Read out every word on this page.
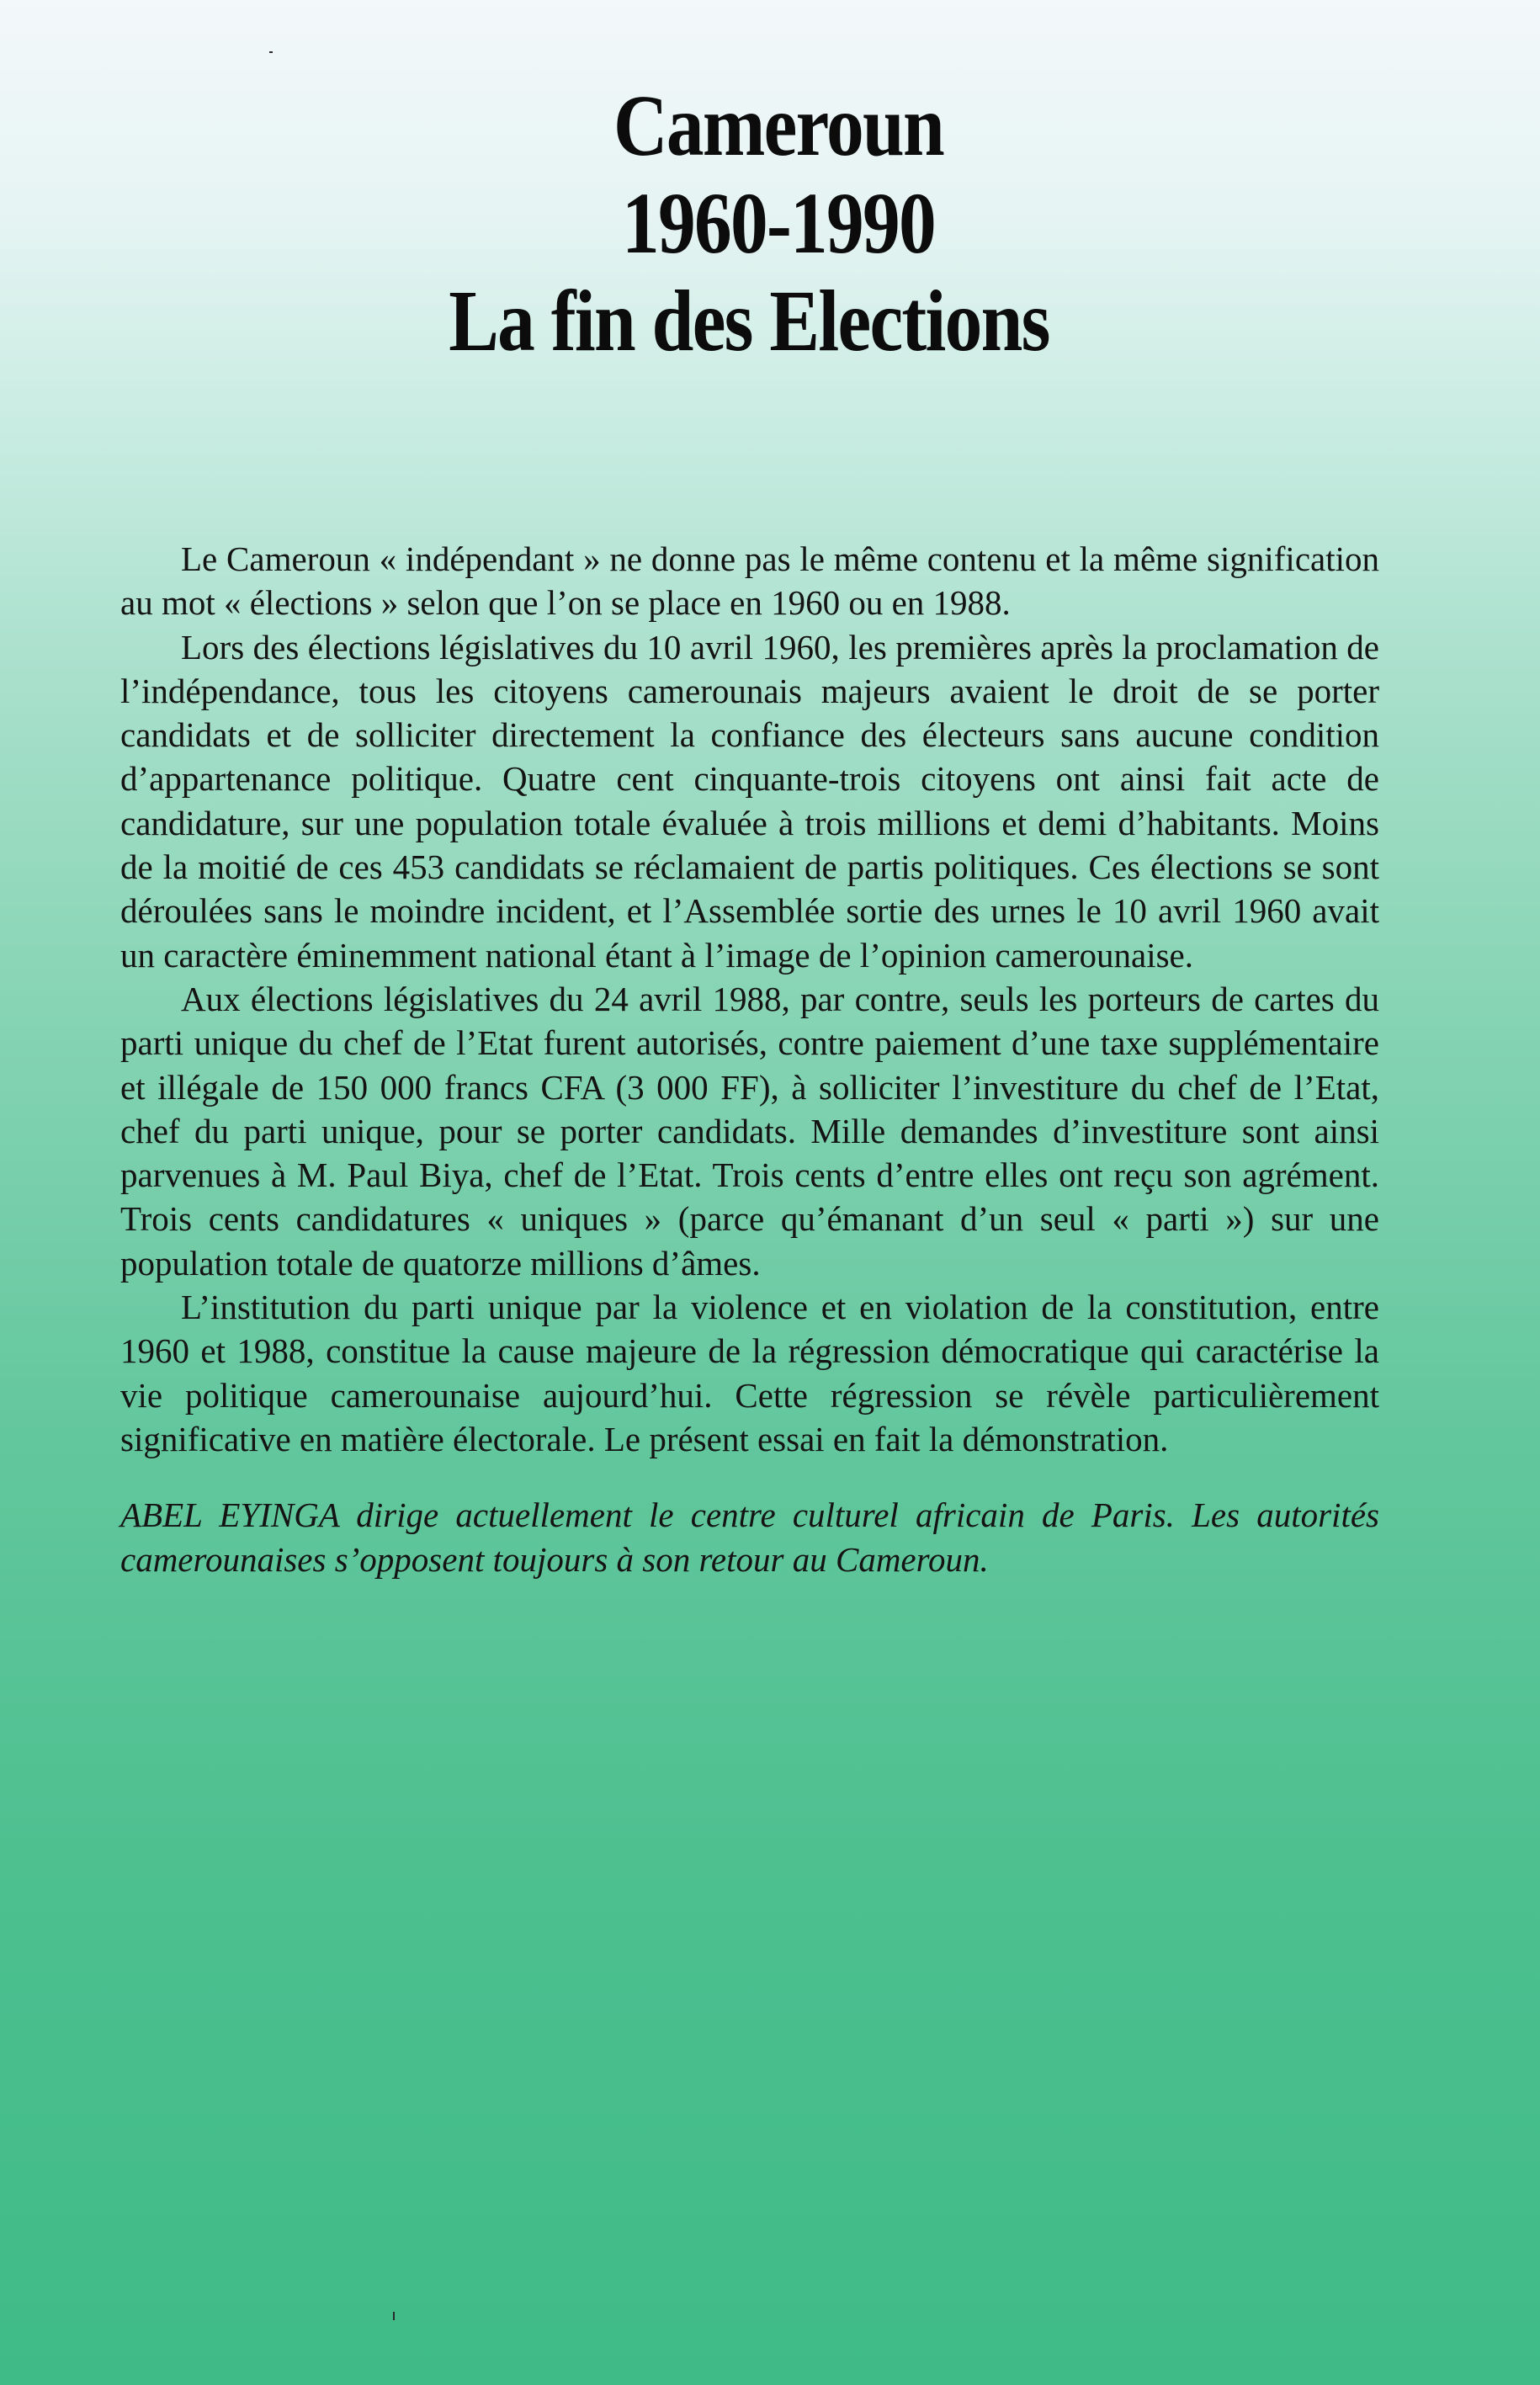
Cameroun
1960-1990
La fin des Elections

Le Cameroun « indépendant » ne donne pas le même contenu et la même signification au mot « élections » selon que l’on se place en 1960 ou en 1988.

Lors des élections législatives du 10 avril 1960, les premières après la proclamation de l’indépendance, tous les citoyens camerounais majeurs avaient le droit de se porter candidats et de solliciter directement la confiance des électeurs sans aucune condition d’appartenance politique. Quatre cent cinquante-trois citoyens ont ainsi fait acte de candidature, sur une population totale évaluée à trois millions et demi d’habitants. Moins de la moitié de ces 453 candidats se réclamaient de partis politiques. Ces élections se sont déroulées sans le moindre incident, et l’Assemblée sortie des urnes le 10 avril 1960 avait un caractère éminemment national étant à l’image de l’opinion camerounaise.

Aux élections législatives du 24 avril 1988, par contre, seuls les porteurs de cartes du parti unique du chef de l’Etat furent autorisés, contre paiement d’une taxe supplémentaire et illégale de 150 000 francs CFA (3 000 FF), à solliciter l’investiture du chef de l’Etat, chef du parti unique, pour se porter candidats. Mille demandes d’investiture sont ainsi parvenues à M. Paul Biya, chef de l’Etat. Trois cents d’entre elles ont reçu son agrément. Trois cents candidatures « uniques » (parce qu’émanant d’un seul « parti ») sur une population totale de quatorze millions d’âmes.

L’institution du parti unique par la violence et en violation de la constitution, entre 1960 et 1988, constitue la cause majeure de la régression démocratique qui caractérise la vie politique camerounaise aujourd’hui. Cette régression se révèle particulièrement significative en matière électorale. Le présent essai en fait la démonstration.

ABEL EYINGA dirige actuellement le centre culturel africain de Paris. Les autorités camerounaises s’opposent toujours à son retour au Cameroun.
